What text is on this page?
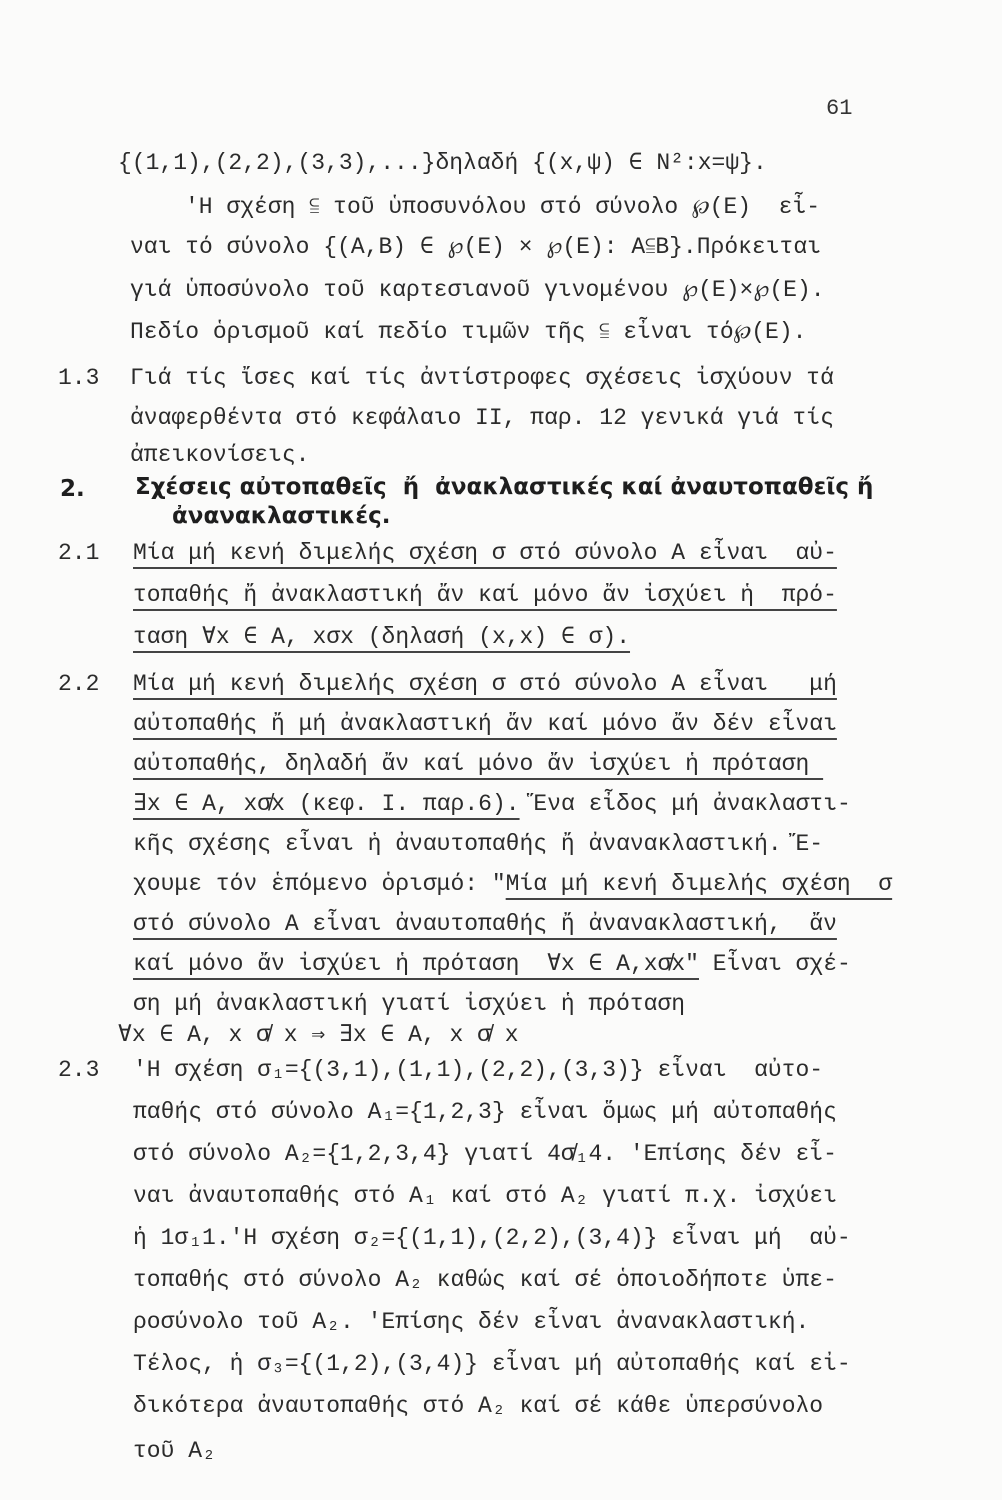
61
1.3
2. Σχέσεις αὐτοπαθεῖς  ἤ  ἀνακλαστικές καί ἀναυτοπαθεῖς ἤ
ἀνανακλαστικές.
2.1
2.2
2.3
{(1,1),(2,2),(3,3),...}δηλαδή {(x,ψ) ∈ N²:x=ψ}.
'Η σχέση ⫅ τοῦ ὑποσυνόλου στό σύνολο ℘(Ε)  εἶ-
ναι τό σύνολο {(Α,Β) ∈ ℘(Ε) × ℘(Ε): Α⫅Β}.Πρόκειται
γιά ὑποσύνολο τοῦ καρτεσιανοῦ γινομένου ℘(Ε)×℘(Ε).
Πεδίο ὁρισμοῦ καί πεδίο τιμῶν τῆς ⫅ εἶναι τό℘(Ε).
Γιά τίς ἴσες καί τίς ἀντίστροφες σχέσεις ἰσχύουν τά
ἀναφερθέντα στό κεφάλαιο II, παρ. 12 γενικά γιά τίς
ἀπεικονίσεις.
Μία μή κενή διμελής σχέση σ στό σύνολο Α εἶναι  αὐ-
τοπαθής ἤ ἀνακλαστική ἄν καί μόνο ἄν ἰσχύει ἡ  πρό-
ταση ∀x ∈ A, xσx (δηλασή (x,x) ∈ σ).
Μία μή κενή διμελής σχέση σ στό σύνολο Α εἶναι   μή
αὐτοπαθής ἤ μή ἀνακλαστική ἄν καί μόνο ἄν δέν εἶναι
αὐτοπαθής, δηλαδή ἄν καί μόνο ἄν ἰσχύει ἡ πρόταση
∃x ∈ A, xσ̸x (κεφ. Ι. παρ.6). Ἕνα εἶδος μή ἀνακλαστι-
κῆς σχέσης εἶναι ἡ ἀναυτοπαθής ἤ ἀνανακλαστική. Ἔ-
χουμε τόν ἑπόμενο ὁρισμό: "Μία μή κενή διμελής σχέση  σ
στό σύνολο Α εἶναι ἀναυτοπαθής ἤ ἀνανακλαστική,  ἄν
καί μόνο ἄν ἰσχύει ἡ πρόταση  ∀x ∈ A,xσ̸x" Εἶναι σχέ-
ση μή ἀνακλαστική γιατί ἰσχύει ἡ πρόταση
∀x ∈ A, x σ̸ x ⇒ ∃x ∈ A, x σ̸ x
'Η σχέση σ₁={(3,1),(1,1),(2,2),(3,3)} εἶναι  αὐτο-
παθής στό σύνολο A₁={1,2,3} εἶναι ὅμως μή αὐτοπαθής
στό σύνολο A₂={1,2,3,4} γιατί 4σ̸₁4. 'Επίσης δέν εἶ-
ναι ἀναυτοπαθής στό A₁ καί στό A₂ γιατί π.χ. ἰσχύει
ἡ 1σ₁1.'Η σχέση σ₂={(1,1),(2,2),(3,4)} εἶναι μή  αὐ-
τοπαθής στό σύνολο A₂ καθώς καί σέ ὁποιοδήποτε ὑπε-
ροσύνολο τοῦ A₂. 'Επίσης δέν εἶναι ἀνανακλαστική.
Τέλος, ἡ σ₃={(1,2),(3,4)} εἶναι μή αὐτοπαθής καί εἰ-
δικότερα ἀναυτοπαθής στό A₂ καί σέ κάθε ὑπερσύνολο
τοῦ A₂
